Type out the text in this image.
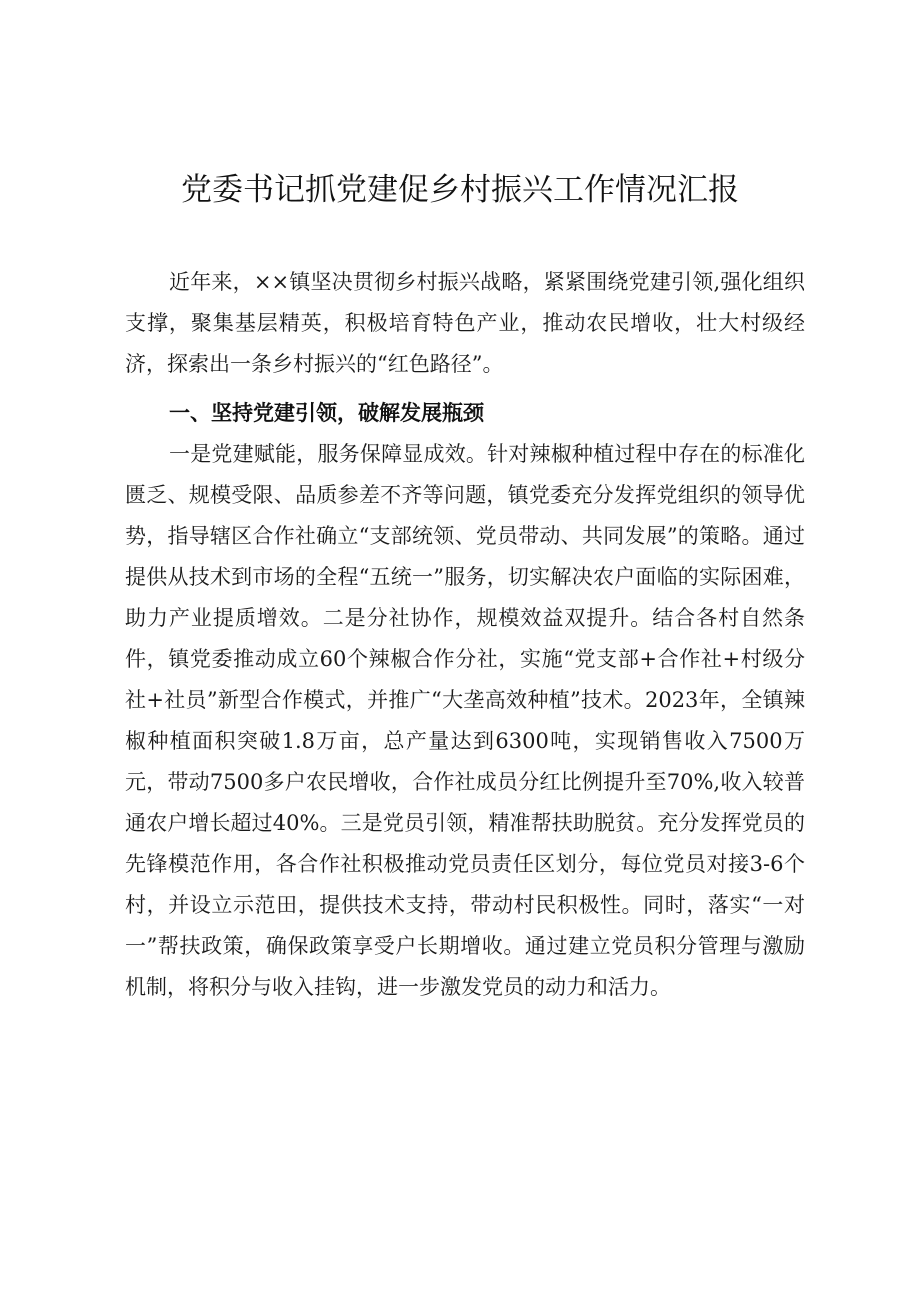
党委书记抓党建促乡村振兴工作情况汇报

近年来，××镇坚决贯彻乡村振兴战略，紧紧围绕党建引领,强化组织支撑，聚集基层精英，积极培育特色产业，推动农民增收，壮大村级经济，探索出一条乡村振兴的“红色路径”。

一、坚持党建引领，破解发展瓶颈

一是党建赋能，服务保障显成效。针对辣椒种植过程中存在的标准化匮乏、规模受限、品质参差不齐等问题，镇党委充分发挥党组织的领导优势，指导辖区合作社确立“支部统领、党员带动、共同发展”的策略。通过提供从技术到市场的全程“五统一”服务，切实解决农户面临的实际困难，助力产业提质增效。二是分社协作，规模效益双提升。结合各村自然条件，镇党委推动成立60个辣椒合作分社，实施“党支部+合作社+村级分社+社员”新型合作模式，并推广“大垄高效种植”技术。2023年，全镇辣椒种植面积突破1.8万亩，总产量达到6300吨，实现销售收入7500万元，带动7500多户农民增收，合作社成员分红比例提升至70%,收入较普通农户增长超过40%。三是党员引领，精准帮扶助脱贫。充分发挥党员的先锋模范作用，各合作社积极推动党员责任区划分，每位党员对接3-6个村，并设立示范田，提供技术支持，带动村民积极性。同时，落实“一对一”帮扶政策，确保政策享受户长期增收。通过建立党员积分管理与激励机制，将积分与收入挂钩，进一步激发党员的动力和活力。
